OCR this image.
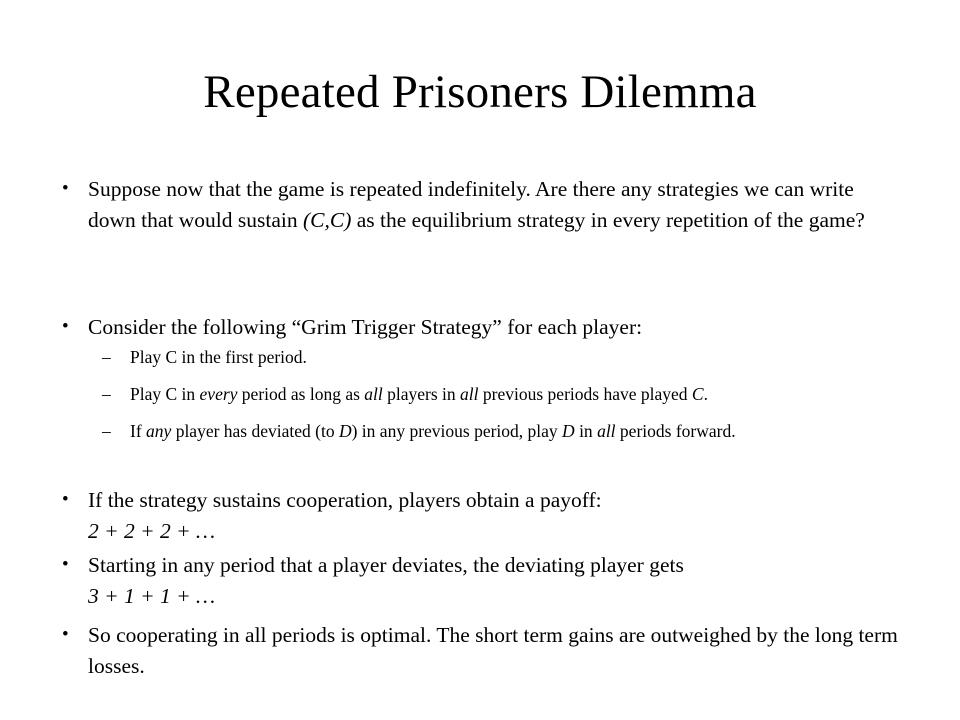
Repeated Prisoners Dilemma
• Suppose now that the game is repeated indefinitely. Are there any strategies we can write down that would sustain (C,C) as the equilibrium strategy in every repetition of the game?
• Consider the following “Grim Trigger Strategy” for each player:
– Play C in the first period.
– Play C in every period as long as all players in all previous periods have played C.
– If any player has deviated (to D) in any previous period, play D in all periods forward.
• If the strategy sustains cooperation, players obtain a payoff:
2 + 2 + 2 + …
• Starting in any period that a player deviates, the deviating player gets
3 + 1 + 1 + …
• So cooperating in all periods is optimal. The short term gains are outweighed by the long term losses.
